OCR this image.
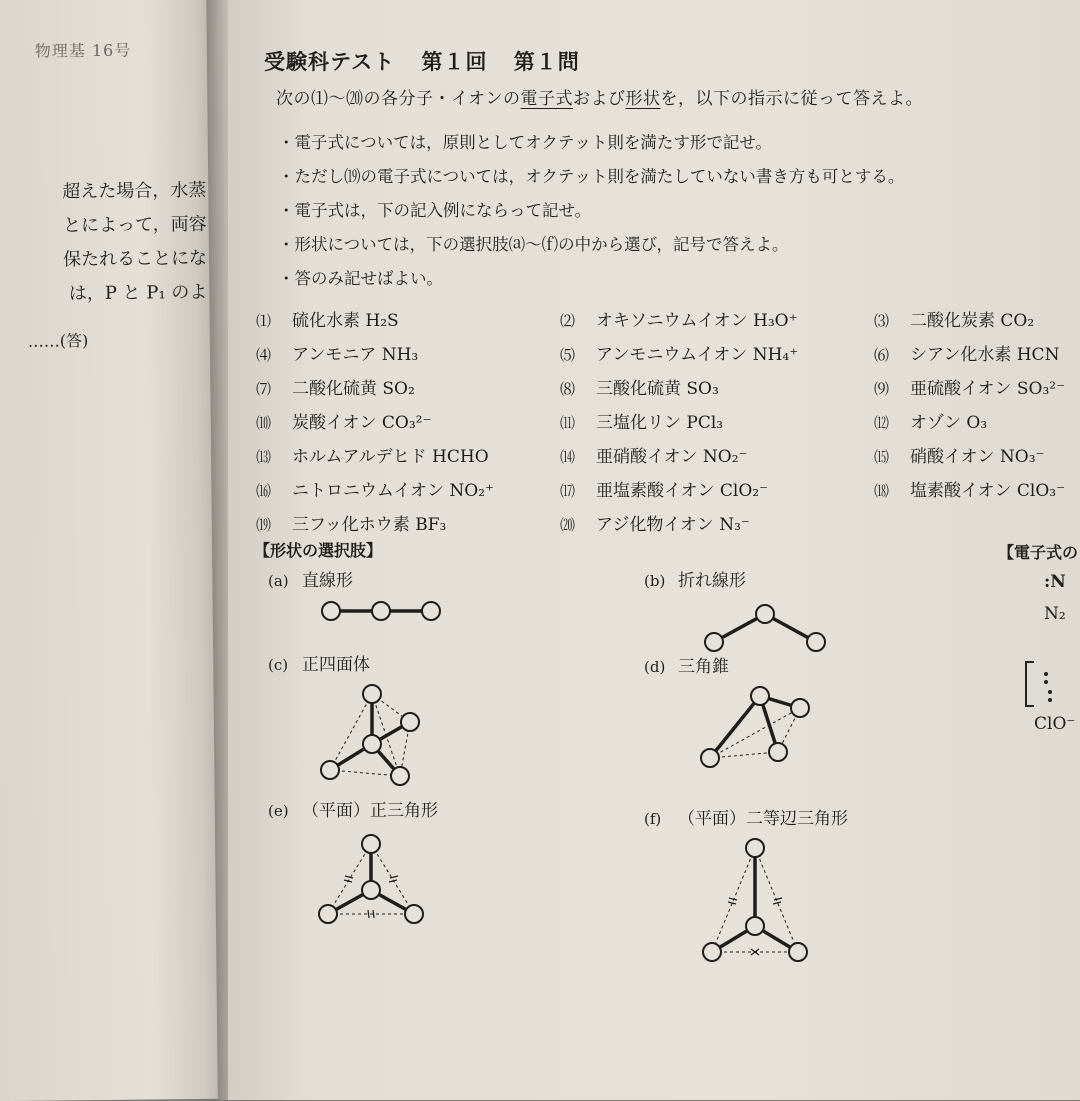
物理基 16号
超えた場合，水蒸
とによって，両容
保たれることにな
は，P と P₁ のよ
……(答)
受験科テスト 第１回 第１問
次の⑴〜⒇の各分子・イオンの電子式および形状を，以下の指示に従って答えよ。
・ 電子式については，原則としてオクテット則を満たす形で記せ。
・ ただし⒆の電子式については，オクテット則を満たしていない書き方も可とする。
・ 電子式は，下の記入例にならって記せ。
・ 形状については，下の選択肢⒜〜⒡の中から選び，記号で答えよ。
・ 答のみ記せばよい。
⑴ 硫化水素 H₂S	⑵ オキソニウムイオン H₃O⁺	⑶ 二酸化炭素 CO₂
⑷ アンモニア NH₃	⑸ アンモニウムイオン NH₄⁺	⑹ シアン化水素 HCN
⑺ 二酸化硫黄 SO₂	⑻ 三酸化硫黄 SO₃	⑼ 亜硫酸イオン SO₃²⁻
⑽ 炭酸イオン CO₃²⁻	⑾ 三塩化リン PCl₃	⑿ オゾン O₃
⒀ ホルムアルデヒド HCHO	⒁ 亜硝酸イオン NO₂⁻	⒂ 硝酸イオン NO₃⁻
⒃ ニトロニウムイオン NO₂⁺	⒄ 亜塩素酸イオン ClO₂⁻	⒅ 塩素酸イオン ClO₃⁻
⒆ 三フッ化ホウ素 BF₃	⒇ アジ化物イオン N₃⁻
【形状の選択肢】	【電子式の
:N
N₂
ClO⁻
(a) 直線形	(b) 折れ線形
(c) 正四面体	(d) 三角錐
(e) （平面）正三角形	(f) （平面）二等辺三角形
